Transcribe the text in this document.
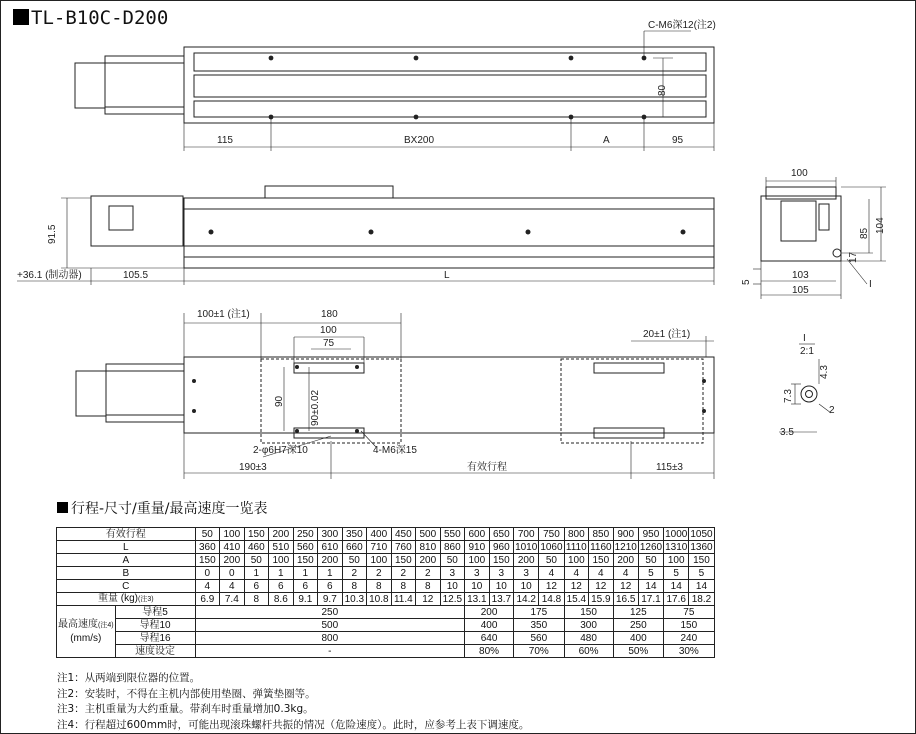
TL-B10C-D200	C-M6深12(注2)
80
115	BX200	A	95
91.5
+36.1 (制动器)	105.5	L
100
104
85
17
5
103
105
I
100±1 (注1)	180
100
75
90	90±0.02
20±1 (注1)
2-φ6H7深10	4-M6深15
190±3	有效行程	115±3
I
2:1
4.3
7.3
2
3.5
行程-尺寸/重量/最高速度一览表
有效行程		50	100	150	200	250	300	350	400	450	500	550	600	650	700	750	800	850	900	950	1000	1050
L		360	410	460	510	560	610	660	710	760	810	860	910	960	1010	1060	1110	1160	1210	1260	1310	1360
A		150	200	50	100	150	200	50	100	150	200	50	100	150	200	50	100	150	200	50	100	150
B		0	0	1	1	1	1	2	2	2	2	3	3	3	3	4	4	4	4	5	5	5
C		4	4	6	6	6	6	8	8	8	8	10	10	10	10	12	12	12	12	14	14	14
重量 (kg)(注3)		6.9	7.4	8	8.6	9.1	9.7	10.3	10.8	11.4	12	12.5	13.1	13.7	14.2	14.8	15.4	15.9	16.5	17.1	17.6	18.2
最高速度(注4)
(mm/s)	导程5	250											200		175		150		125		75	
	导程10	500											400		350		300		250		150	
	导程16	800											640		560		480		400		240	
	速度设定	-											80%		70%		60%		50%		30%	
注1：从两端到限位器的位置。
注2：安装时，不得在主机内部使用垫圈、弹簧垫圈等。
注3：主机重量为大约重量。带刹车时重量增加0.3kg。
注4：行程超过600mm时，可能出现滚珠螺杆共振的情况（危险速度）。此时，应参考上表下调速度。
